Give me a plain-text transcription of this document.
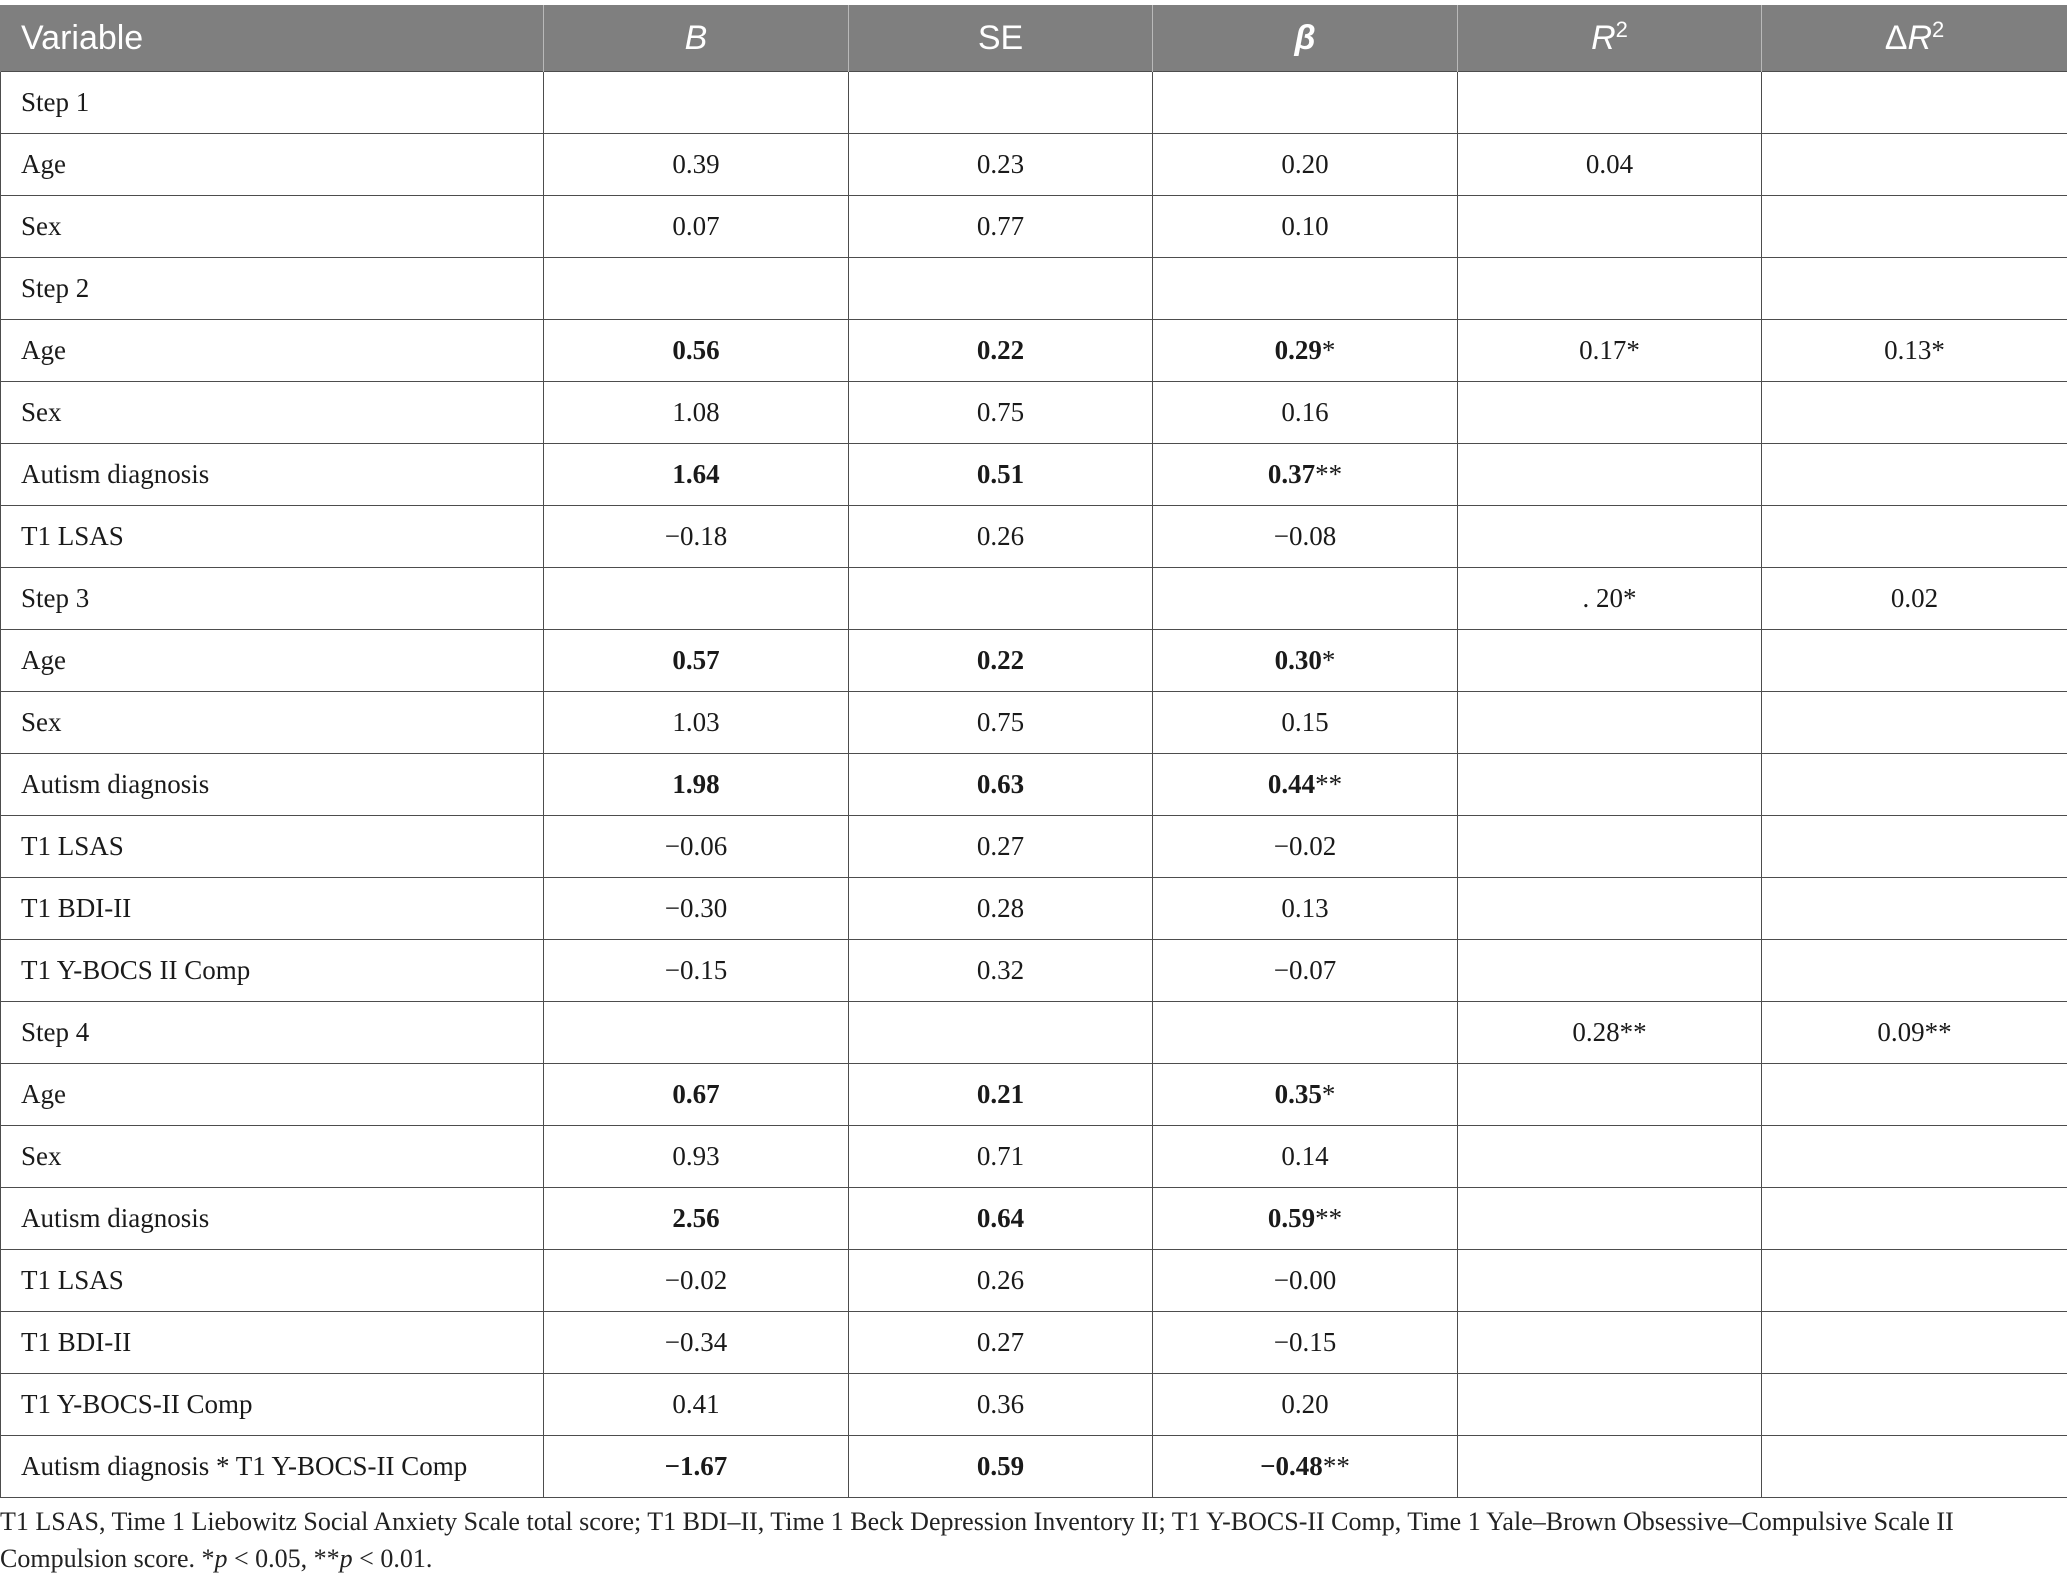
Variable	B	SE	β	$R^2$	$\Delta R^2$
Step 1					
Age	0.39	0.23	0.20	0.04	
Sex	0.07	0.77	0.10		
Step 2					
Age	0.56	0.22	0.29*	0.17*	0.13*
Sex	1.08	0.75	0.16		
Autism diagnosis	1.64	0.51	0.37**		
T1 LSAS	−0.18	0.26	−0.08		
Step 3				. 20*	0.02
Age	0.57	0.22	0.30*		
Sex	1.03	0.75	0.15		
Autism diagnosis	1.98	0.63	0.44**		
T1 LSAS	−0.06	0.27	−0.02		
T1 BDI-II	−0.30	0.28	0.13		
T1 Y-BOCS II Comp	−0.15	0.32	−0.07		
Step 4				0.28**	0.09**
Age	0.67	0.21	0.35*		
Sex	0.93	0.71	0.14		
Autism diagnosis	2.56	0.64	0.59**		
T1 LSAS	−0.02	0.26	−0.00		
T1 BDI-II	−0.34	0.27	−0.15		
T1 Y-BOCS-II Comp	0.41	0.36	0.20		
Autism diagnosis * T1 Y-BOCS-II Comp	−1.67	0.59	−0.48**		
T1 LSAS, Time 1 Liebowitz Social Anxiety Scale total score; T1 BDI–II, Time 1 Beck Depression Inventory II; T1 Y-BOCS-II Comp, Time 1 Yale–Brown Obsessive–Compulsive Scale II Compulsion score. *p < 0.05, **p < 0.01.
